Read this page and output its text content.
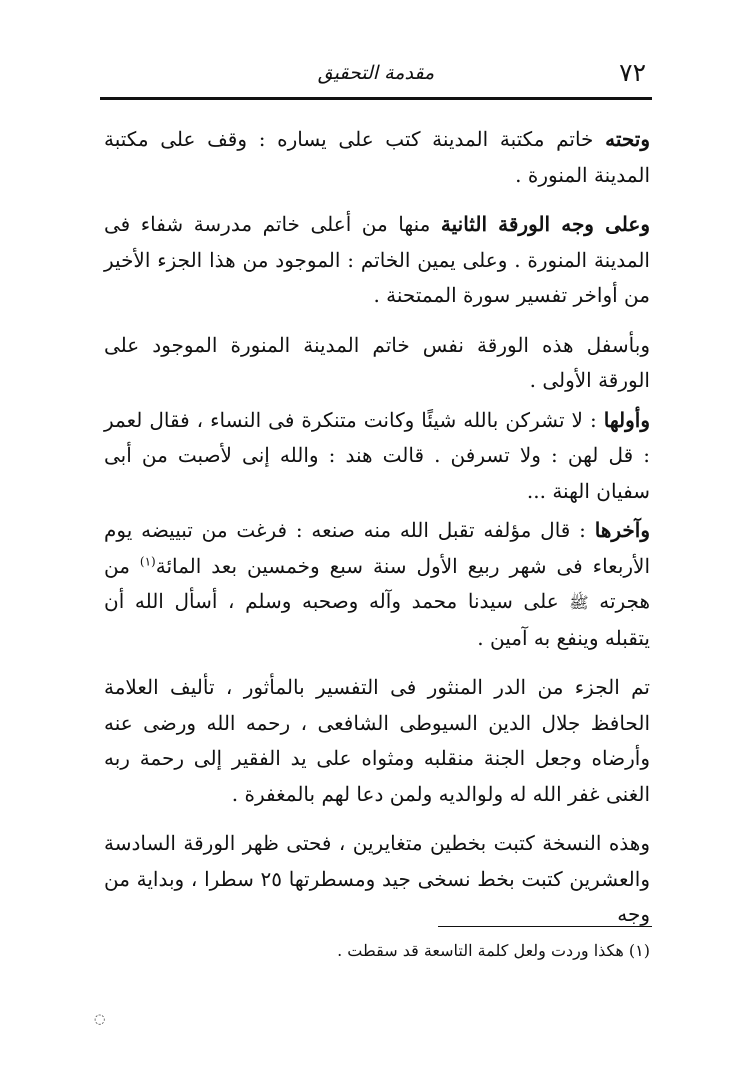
٧٢
مقدمة التحقيق

وتحته خاتم مكتبة المدينة كتب على يساره : وقف على مكتبة المدينة المنورة .

وعلى وجه الورقة الثانية منها من أعلى خاتم مدرسة شفاء فى المدينة المنورة . وعلى يمين الخاتم : الموجود من هذا الجزء الأخير من أواخر تفسير سورة الممتحنة .

وبأسفل هذه الورقة نفس خاتم المدينة المنورة الموجود على الورقة الأولى .

وأولها : لا تشركن بالله شيئًا وكانت متنكرة فى النساء ، فقال لعمر : قل لهن : ولا تسرفن . قالت هند : والله إنى لأصبت من أبى سفيان الهنة ...

وآخرها : قال مؤلفه تقبل الله منه صنعه : فرغت من تبييضه يوم الأربعاء فى شهر ربيع الأول سنة سبع وخمسين بعد المائة$^{(١)}$ من هجرته ﷺ على سيدنا محمد وآله وصحبه وسلم ، أسأل الله أن يتقبله وينفع به آمين .

تم الجزء من الدر المنثور فى التفسير بالمأثور ، تأليف العلامة الحافظ جلال الدين السيوطى الشافعى ، رحمه الله ورضى عنه وأرضاه وجعل الجنة منقلبه ومثواه على يد الفقير إلى رحمة ربه الغنى غفر الله له ولوالديه ولمن دعا لهم بالمغفرة .

وهذه النسخة كتبت بخطين متغايرين ، فحتى ظهر الورقة السادسة والعشرين كتبت بخط نسخى جيد ومسطرتها ٢٥ سطرا ، وبداية من وجه

(١) هكذا وردت ولعل كلمة التاسعة قد سقطت .
◌
